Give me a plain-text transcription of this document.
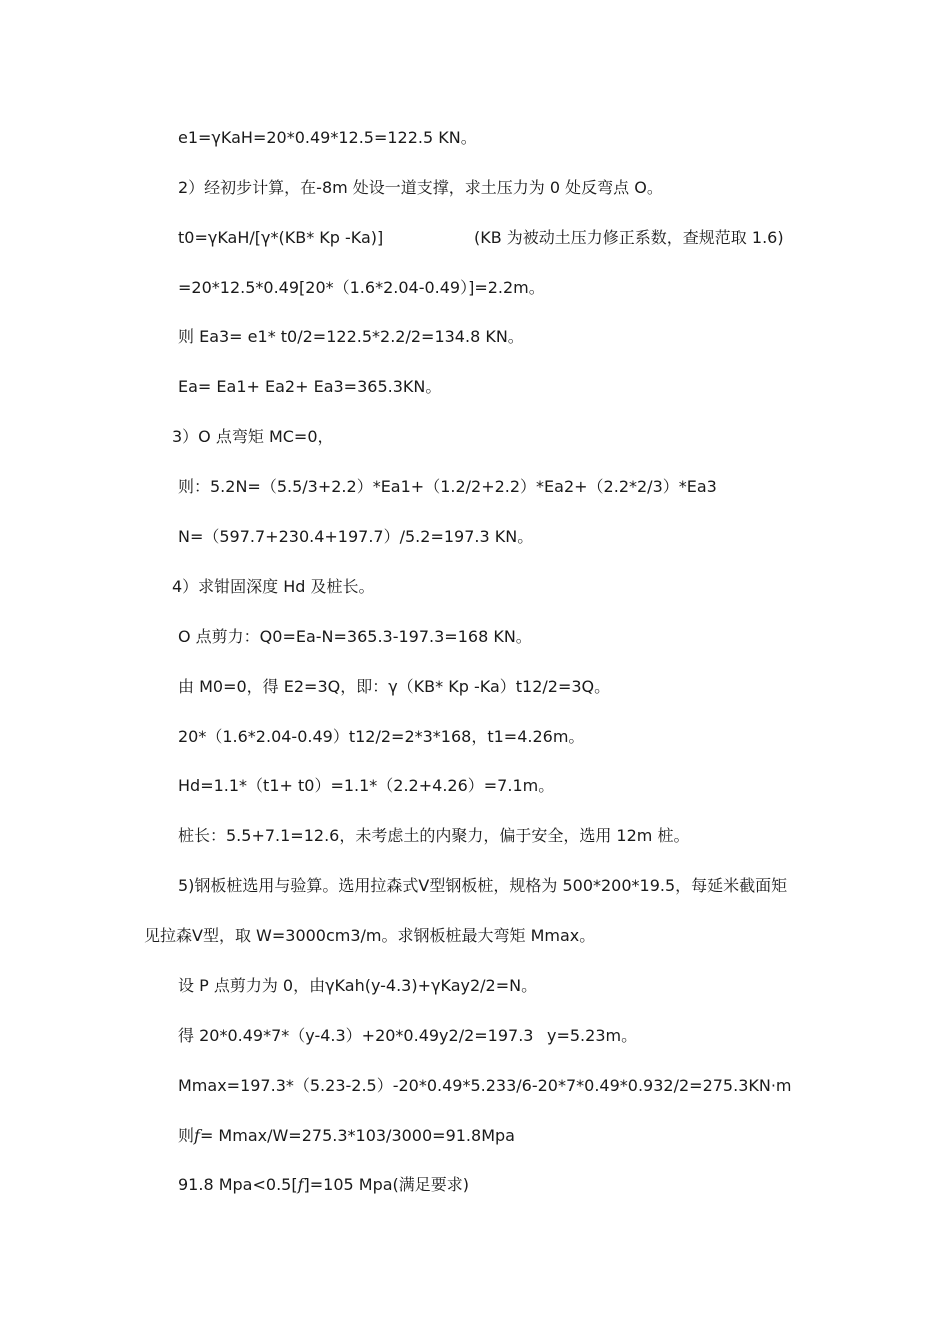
e1=γKaH=20*0.49*12.5=122.5 KN。
2）经初步计算，在-8m 处设一道支撑，求土压力为 0 处反弯点 O。
t0=γKaH/[γ*(KB* Kp -Ka)]	(KB 为被动土压力修正系数，查规范取 1.6)
=20*12.5*0.49[20*（1.6*2.04-0.49）]=2.2m。
则 Ea3= e1* t0/2=122.5*2.2/2=134.8 KN。
Ea= Ea1+ Ea2+ Ea3=365.3KN。
3）O 点弯矩 MC=0，
则：5.2N=（5.5/3+2.2）*Ea1+（1.2/2+2.2）*Ea2+（2.2*2/3）*Ea3
N=（597.7+230.4+197.7）/5.2=197.3 KN。
4）求钳固深度 Hd 及桩长。
O 点剪力：Q0=Ea-N=365.3-197.3=168 KN。
由 M0=0，得 E2=3Q，即：γ（KB* Kp -Ka）t12/2=3Q。
20*（1.6*2.04-0.49）t12/2=2*3*168，t1=4.26m。
Hd=1.1*（t1+ t0）=1.1*（2.2+4.26）=7.1m。
桩长：5.5+7.1=12.6，未考虑土的内聚力，偏于安全，选用 12m 桩。
5)钢板桩选用与验算。选用拉森式Ⅴ型钢板桩，规格为 500*200*19.5，每延米截面矩
见拉森Ⅴ型，取 W=3000cm3/m。求钢板桩最大弯矩 Mmax。
设 P 点剪力为 0，由γKah(y-4.3)+γKay2/2=N。
得 20*0.49*7*（y-4.3）+20*0.49y2/2=197.3 y=5.23m。
Mmax=197.3*（5.23-2.5）-20*0.49*5.233/6-20*7*0.49*0.932/2=275.3KN·m
则f= Mmax/W=275.3*103/3000=91.8Mpa
91.8 Mpa<0.5[f]=105 Mpa(满足要求)
